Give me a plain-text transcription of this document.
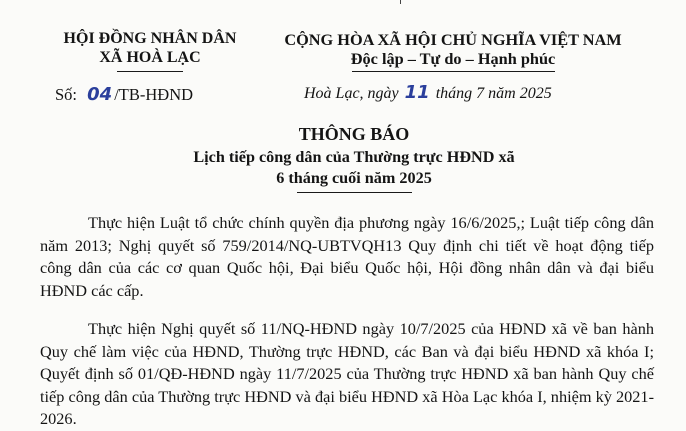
HỘI ĐỒNG NHÂN DÂN
XÃ HOÀ LẠC
Số: 04 /TB-HĐND
CỘNG HÒA XÃ HỘI CHỦ NGHĨA VIỆT NAM
Độc lập – Tự do – Hạnh phúc
Hoà Lạc, ngày 11 tháng 7 năm 2025
THÔNG BÁO
Lịch tiếp công dân của Thường trực HĐND xã
6 tháng cuối năm 2025
Thực hiện Luật tổ chức chính quyền địa phương ngày 16/6/2025,; Luật tiếp công dân năm 2013; Nghị quyết số 759/2014/NQ-UBTVQH13 Quy định chi tiết về hoạt động tiếp công dân của các cơ quan Quốc hội, Đại biểu Quốc hội, Hội đồng nhân dân và đại biểu HĐND các cấp.
Thực hiện Nghị quyết số 11/NQ-HĐND ngày 10/7/2025 của HĐND xã về ban hành Quy chế làm việc của HĐND, Thường trực HĐND, các Ban và đại biểu HĐND xã khóa I; Quyết định số 01/QĐ-HĐND ngày 11/7/2025 của Thường trực HĐND xã ban hành Quy chế tiếp công dân của Thường trực HĐND và đại biểu HĐND xã Hòa Lạc khóa I, nhiệm kỳ 2021-2026.
